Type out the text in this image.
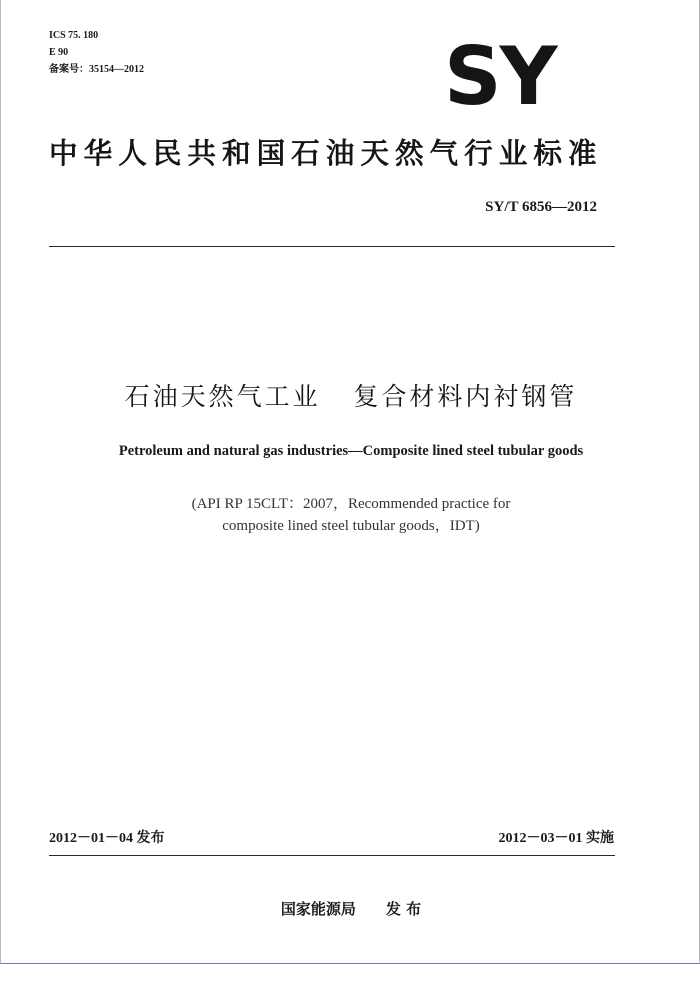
ICS 75. 180
E 90
备案号：35154—2012	SY
中华人民共和国石油天然气行业标准
SY/T 6856—2012
石油天然气工业   复合材料内衬钢管
Petroleum and natural gas industries—Composite lined steel tubular goods
(API RP 15CLT：2007，Recommended practice for
composite lined steel tubular goods，IDT)
2012－01－04 发布	2012－03－01 实施
国家能源局 发 布
